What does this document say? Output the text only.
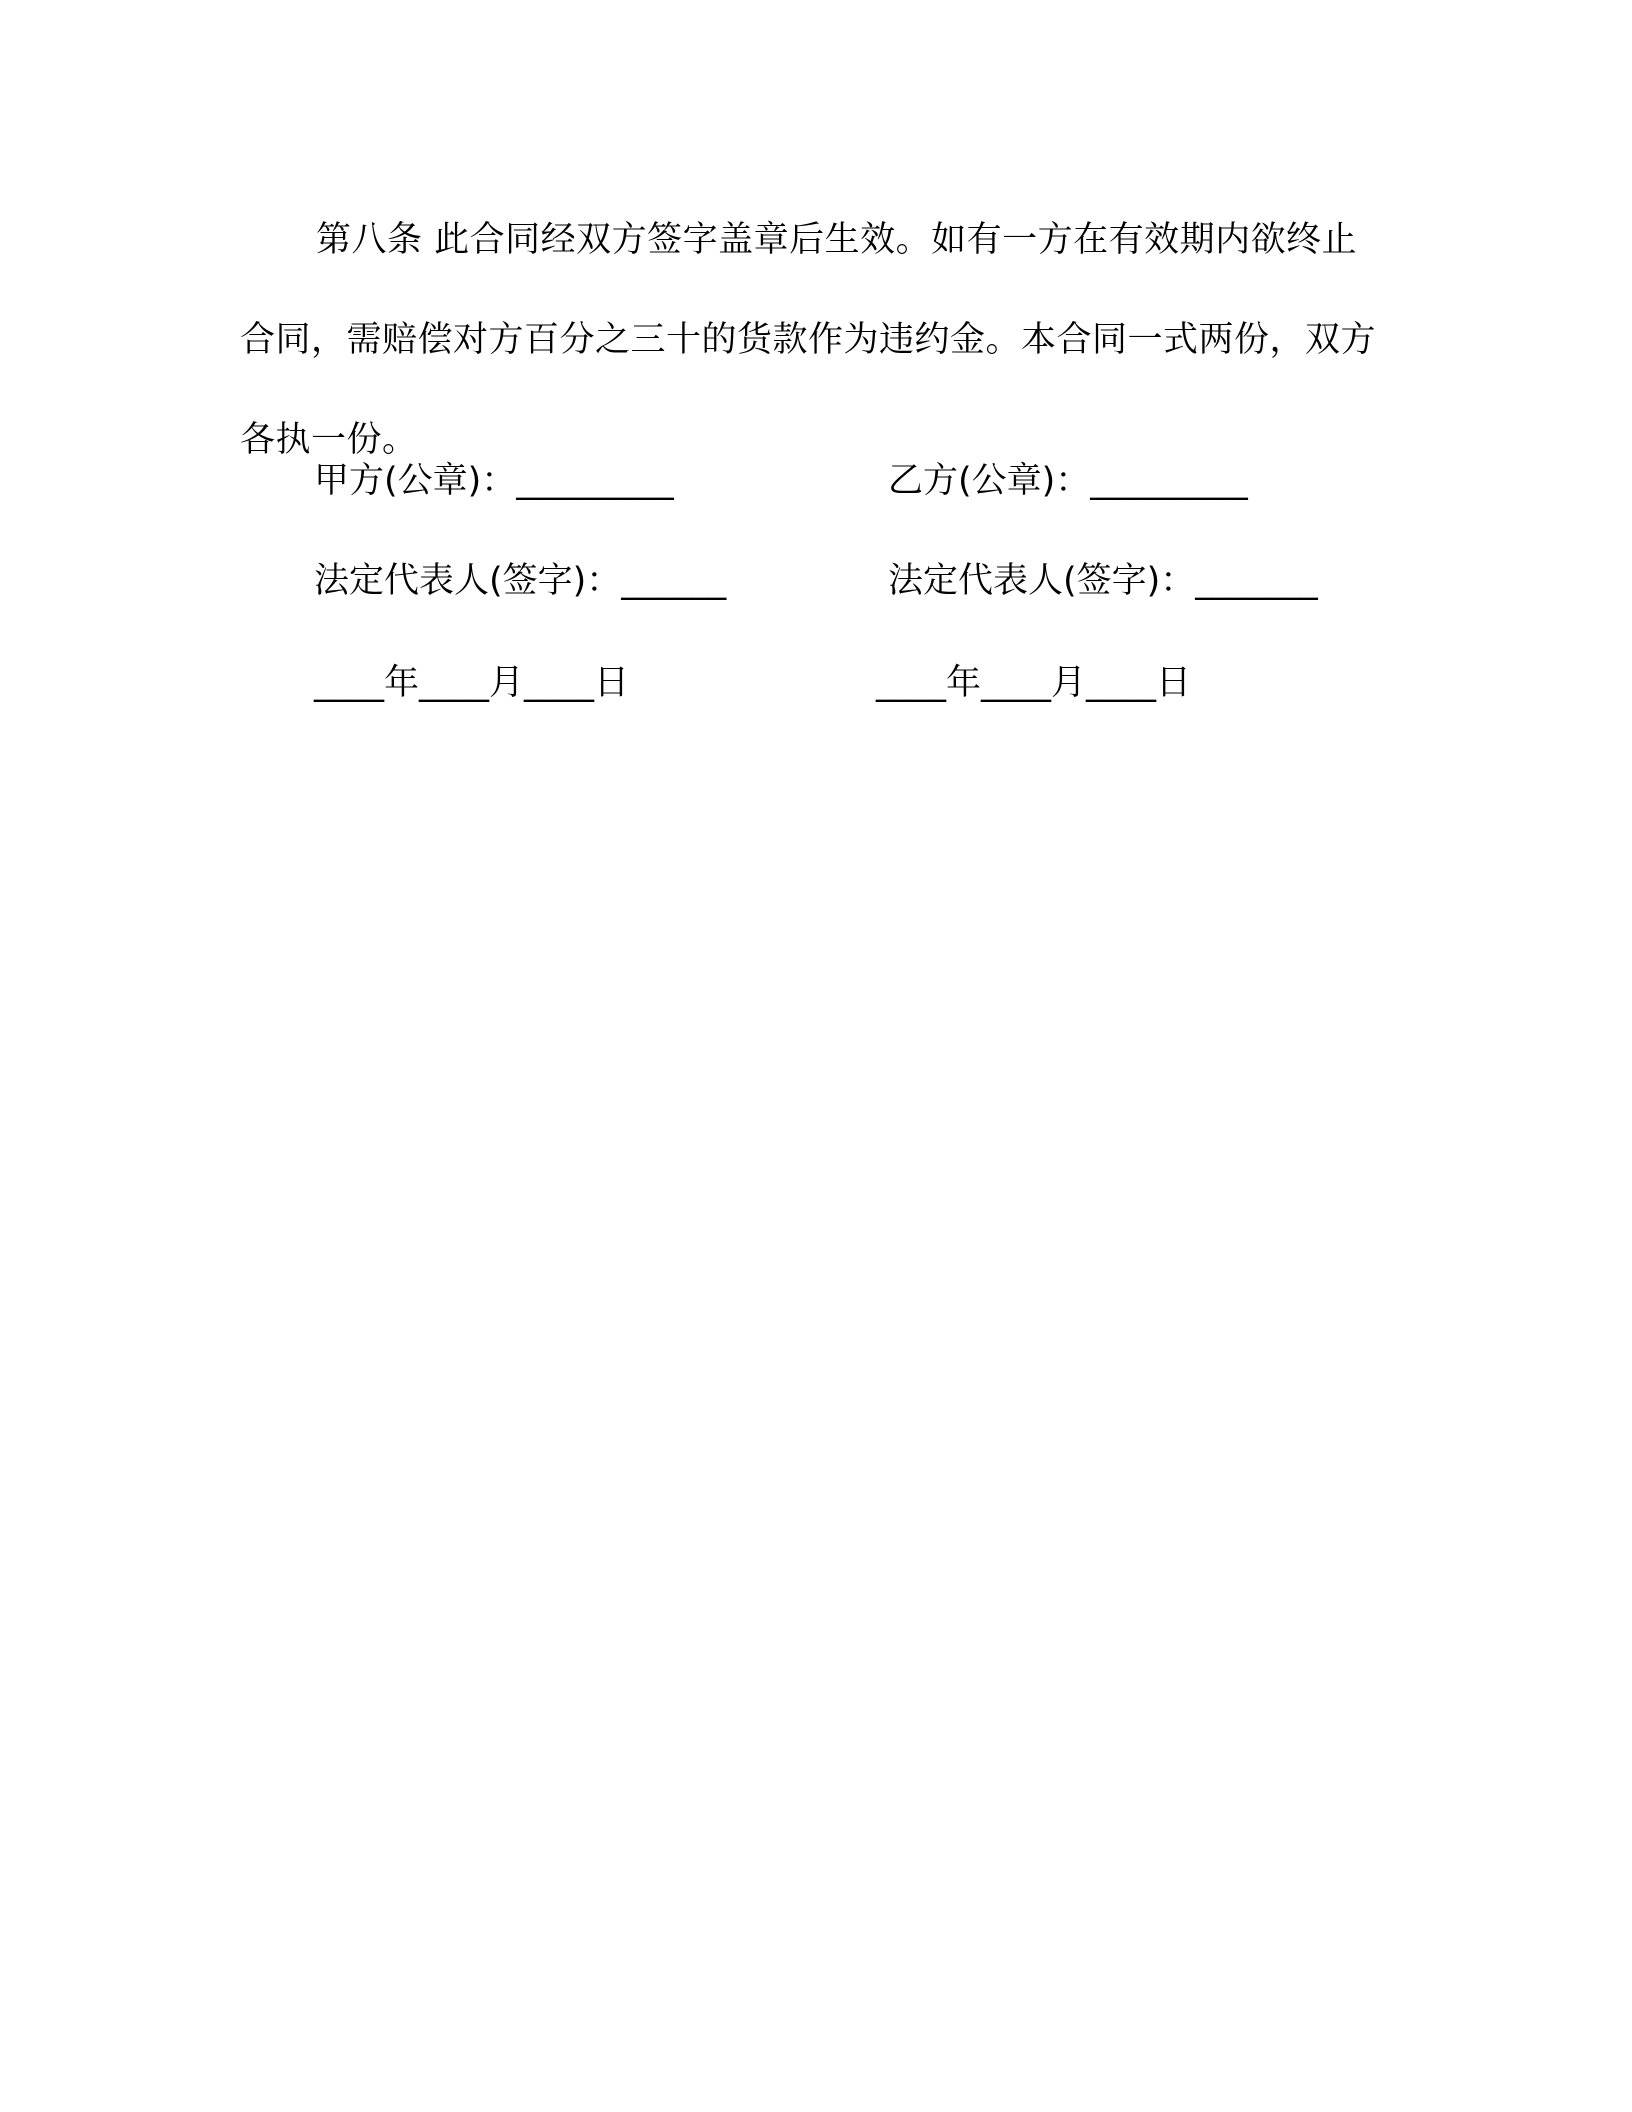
第八条 此合同经双方签字盖章后生效。如有一方在有效期内欲终止合同，需赔偿对方百分之三十的货款作为违约金。本合同一式两份，双方各执一份。

甲方(公章)：_________	乙方(公章)：_________
法定代表人(签字)：______	法定代表人(签字)：_______
____年____月____日	____年____月____日
